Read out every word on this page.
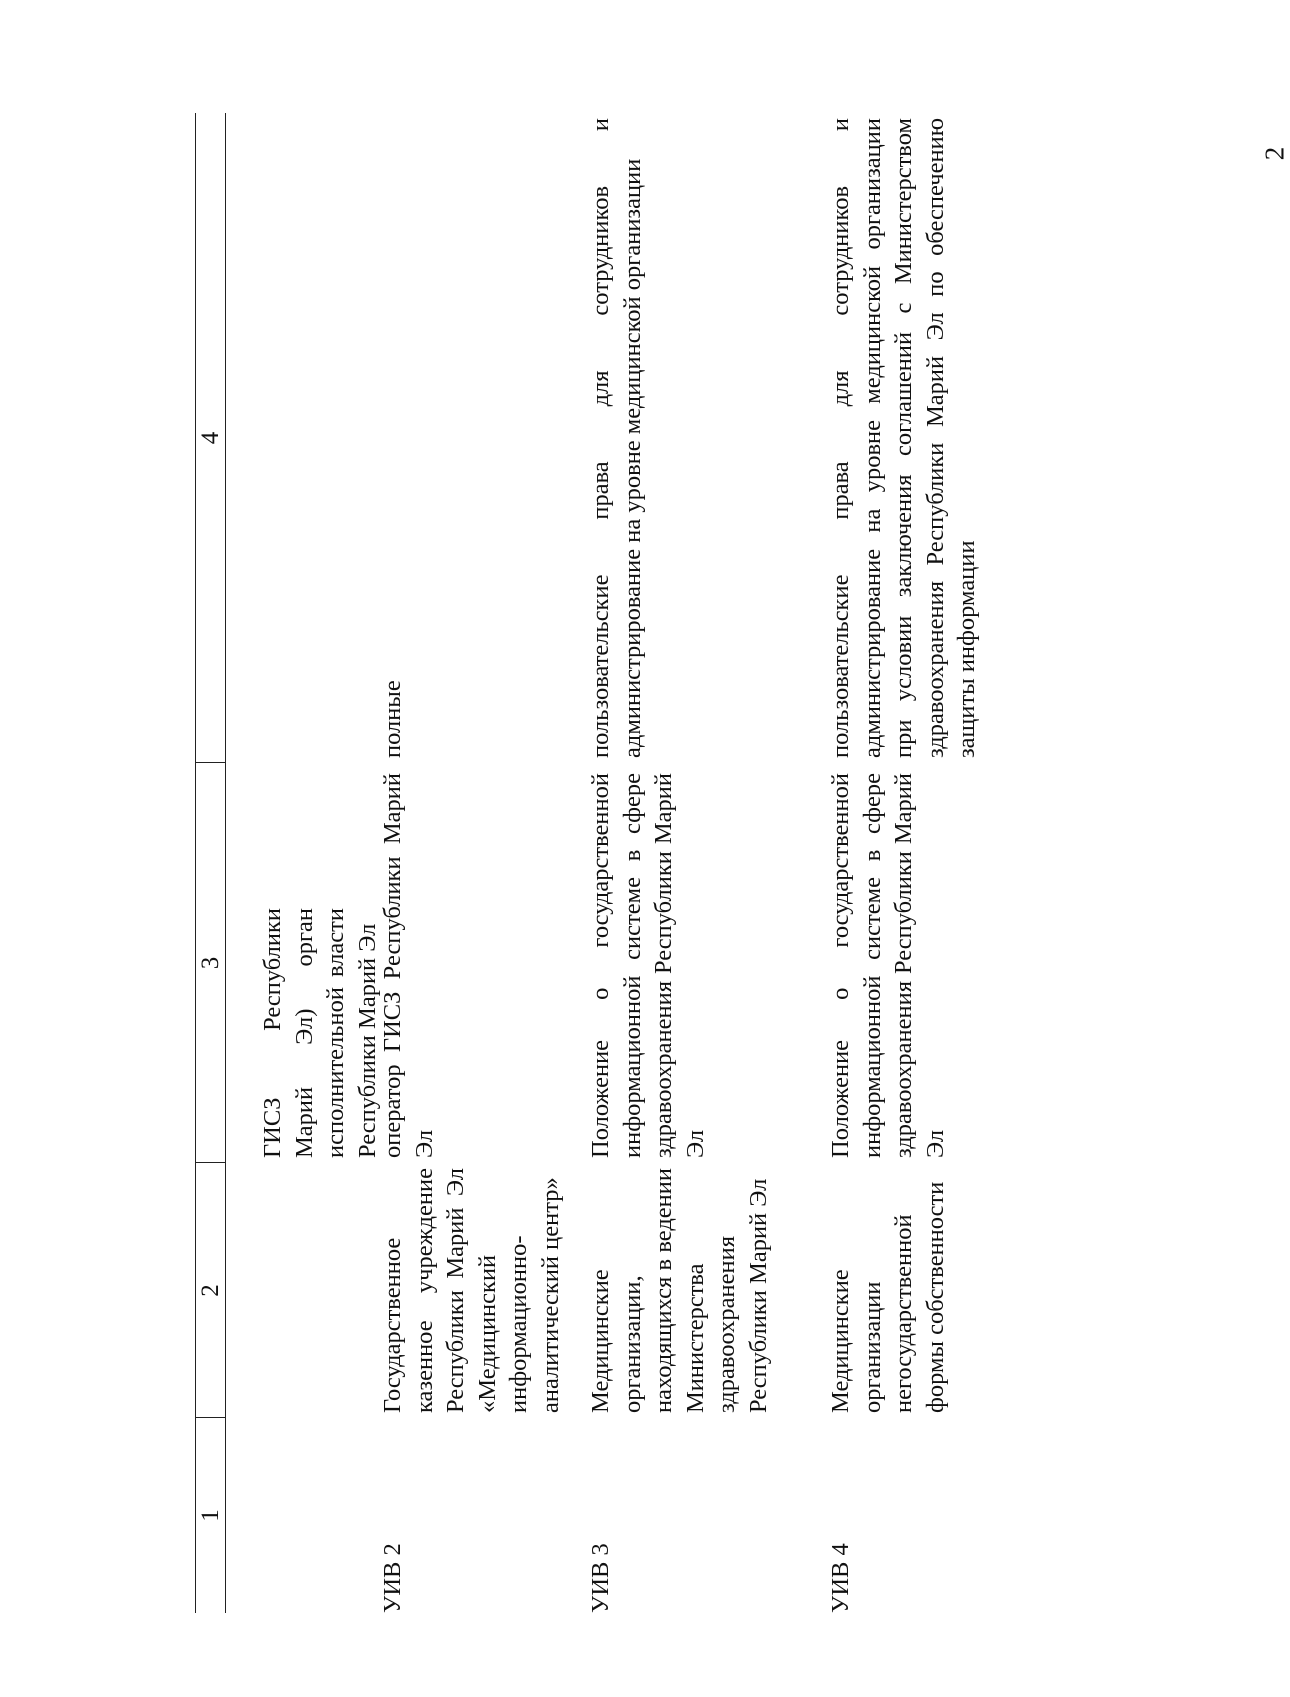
2
1
2
3
4
ГИСЗ Республики Марий Эл) орган исполнительной власти Республики Марий Эл
УИВ 2
Государственное казенное учреждение Республики Марий Эл «Медицинский информационно-аналитический центр»
оператор ГИСЗ Республики Марий Эл
полные
УИВ 3
Медицинские организации, находящихся в ведении Министерства здравоохранения Республики Марий Эл
Положение о государственной информационной системе в сфере здравоохранения Республики Марий Эл
пользовательские права для сотрудников и администрирование на уровне медицинской организации
УИВ 4
Медицинские организации негосударственной формы собственности
Положение о государственной информационной системе в сфере здравоохранения Республики Марий Эл
пользовательские права для сотрудников и администрирование на уровне медицинской организации при условии заключения соглашений с Министерством здравоохранения Республики Марий Эл по обеспечению защиты информации
